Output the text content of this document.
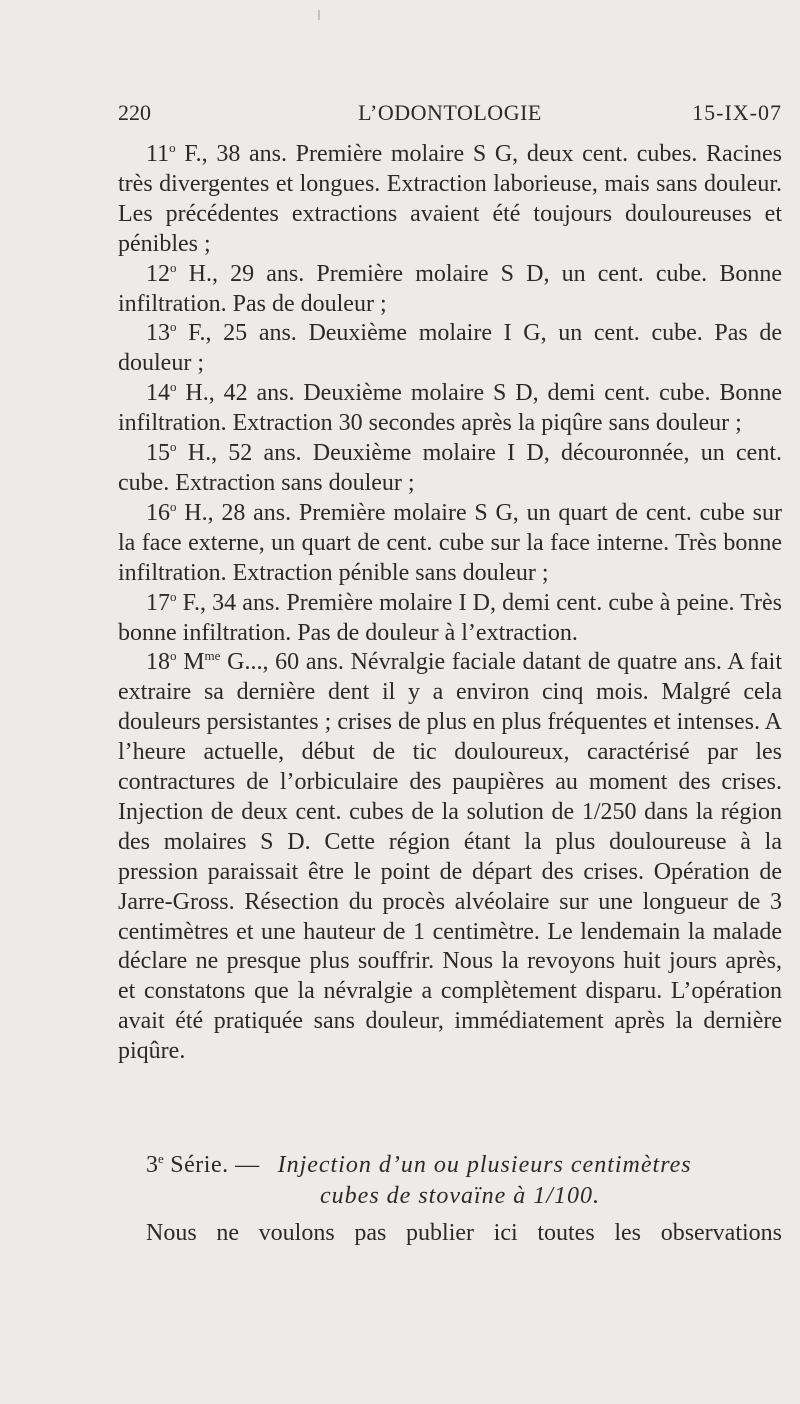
220	L’ODONTOLOGIE	15-IX-07

11$^o$ F., 38 ans. Première molaire S G, deux cent. cubes. Racines très divergentes et longues. Extraction laborieuse, mais sans douleur. Les précédentes extractions avaient été toujours douloureuses et pénibles ;

12$^o$ H., 29 ans. Première molaire S D, un cent. cube. Bonne infiltration. Pas de douleur ;

13$^o$ F., 25 ans. Deuxième molaire I G, un cent. cube. Pas de douleur ;

14$^o$ H., 42 ans. Deuxième molaire S D, demi cent. cube. Bonne infiltration. Extraction 30 secondes après la piqûre sans douleur ;

15$^o$ H., 52 ans. Deuxième molaire I D, découronnée, un cent. cube. Extraction sans douleur ;

16$^o$ H., 28 ans. Première molaire S G, un quart de cent. cube sur la face externe, un quart de cent. cube sur la face interne. Très bonne infiltration. Extraction pénible sans douleur ;

17$^o$ F., 34 ans. Première molaire I D, demi cent. cube à peine. Très bonne infiltration. Pas de douleur à l’extraction.

18$^o$ $M^{me}$ G..., 60 ans. Névralgie faciale datant de quatre ans. A fait extraire sa dernière dent il y a environ cinq mois. Malgré cela douleurs persistantes ; crises de plus en plus fréquentes et intenses. A l’heure actuelle, début de tic douloureux, caractérisé par les contractures de l’orbiculaire des paupières au moment des crises. Injection de deux cent. cubes de la solution de 1/250 dans la région des molaires S D. Cette région étant la plus douloureuse à la pression paraissait être le point de départ des crises. Opération de Jarre-Gross. Résection du procès alvéolaire sur une longueur de 3 centimètres et une hauteur de 1 centimètre. Le lendemain la malade déclare ne presque plus souffrir. Nous la revoyons huit jours après, et constatons que la névralgie a complètement disparu. L’opération avait été pratiquée sans douleur, immédiatement après la dernière piqûre.

3e Série. — Injection d’un ou plusieurs centimètres
cubes de stovaïne à 1/100.
Nous ne voulons pas publier ici toutes les observations
